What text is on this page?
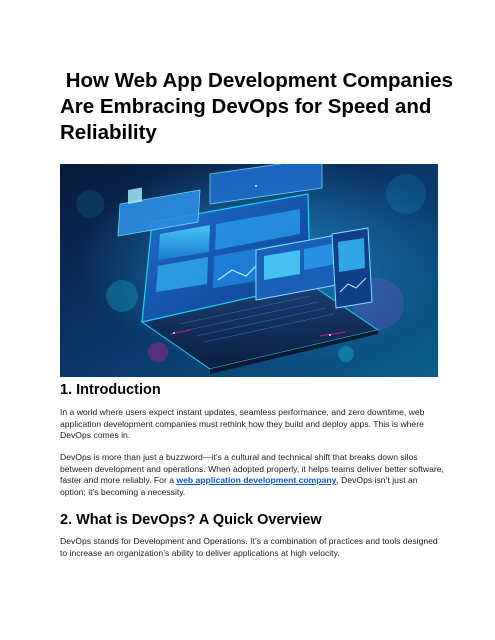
How Web App Development Companies Are Embracing DevOps for Speed and Reliability
1. Introduction

In a world where users expect instant updates, seamless performance, and zero downtime, web application development companies must rethink how they build and deploy apps. This is where DevOps comes in.

DevOps is more than just a buzzword—it’s a cultural and technical shift that breaks down silos between development and operations. When adopted properly, it helps teams deliver better software, faster and more reliably. For a web application development company, DevOps isn’t just an option; it’s becoming a necessity.

2. What is DevOps? A Quick Overview

DevOps stands for Development and Operations. It’s a combination of practices and tools designed to increase an organization’s ability to deliver applications at high velocity.
